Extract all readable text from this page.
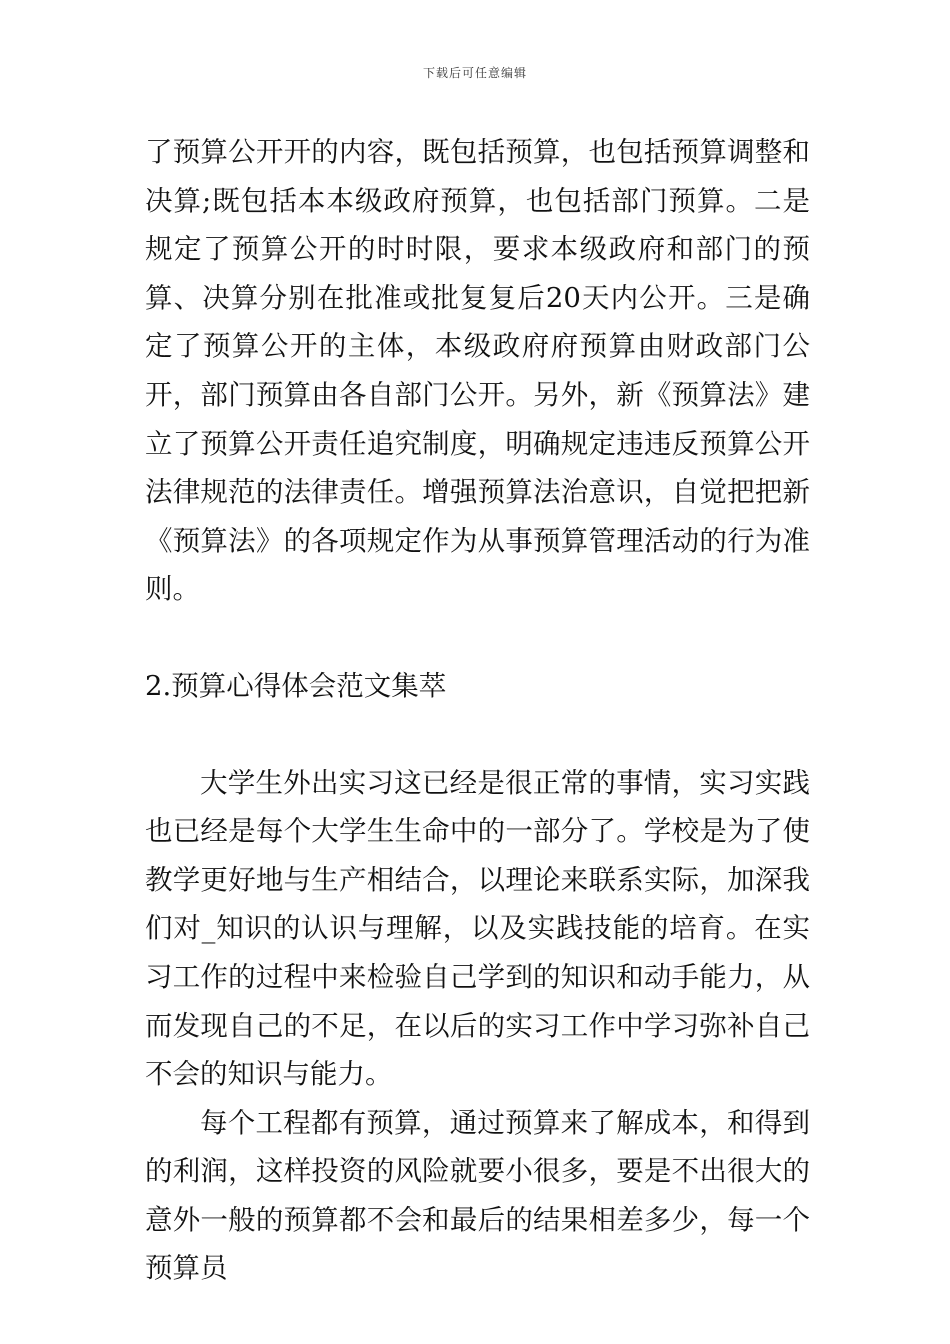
下载后可任意编辑

了预算公开开的内容，既包括预算，也包括预算调整和决算;既包括本本级政府预算，也包括部门预算。二是规定了预算公开的时时限，要求本级政府和部门的预算、决算分别在批准或批复复后20天内公开。三是确定了预算公开的主体，本级政府府预算由财政部门公开，部门预算由各自部门公开。另外，新《预算法》建立了预算公开责任追究制度，明确规定违违反预算公开法律规范的法律责任。增强预算法治意识，自觉把把新《预算法》的各项规定作为从事预算管理活动的行为准则。

2.预算心得体会范文集萃

大学生外出实习这已经是很正常的事情，实习实践也已经是每个大学生生命中的一部分了。学校是为了使教学更好地与生产相结合，以理论来联系实际，加深我们对_知识的认识与理解，以及实践技能的培育。在实习工作的过程中来检验自己学到的知识和动手能力，从而发现自己的不足，在以后的实习工作中学习弥补自己不会的知识与能力。

每个工程都有预算，通过预算来了解成本，和得到的利润，这样投资的风险就要小很多，要是不出很大的意外一般的预算都不会和最后的结果相差多少，每一个预算员
